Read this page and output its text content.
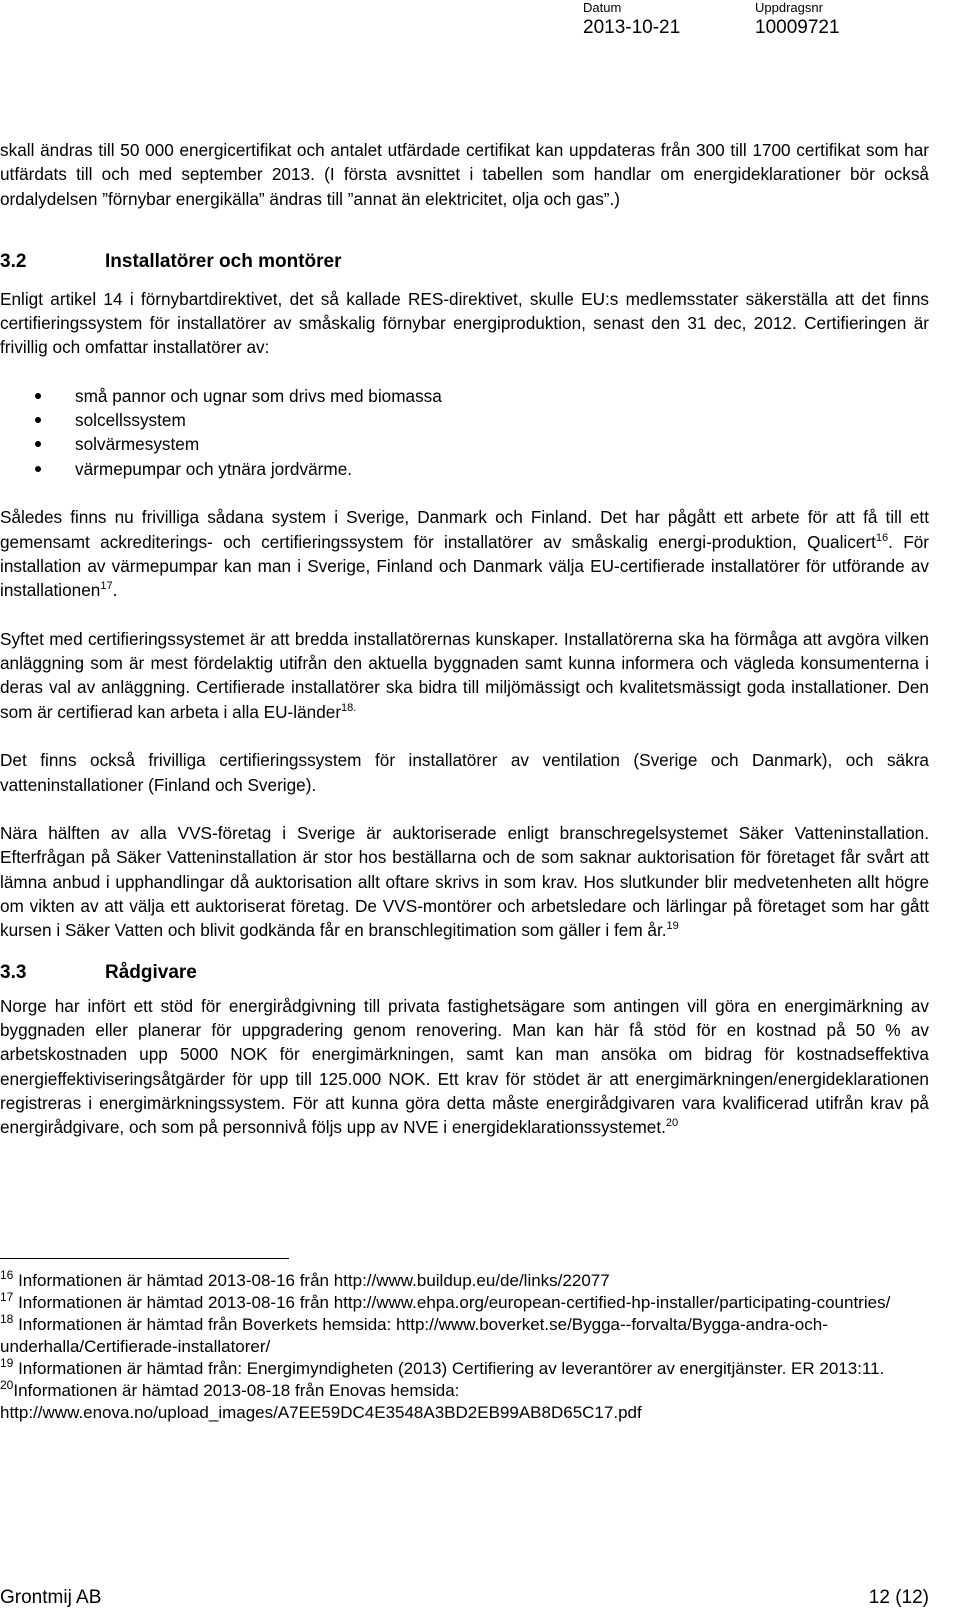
Datum
2013-10-21
Uppdragsnr
10009721

skall ändras till 50 000 energicertifikat och antalet utfärdade certifikat kan uppdateras från 300 till 1700 certifikat som har utfärdats till och med september 2013. (I första avsnittet i tabellen som handlar om energideklarationer bör också ordalydelsen ”förnybar energikälla” ändras till ”annat än elektricitet, olja och gas”.)

3.2	Installatörer och montörer

Enligt artikel 14 i förnybartdirektivet, det så kallade RES-direktivet, skulle EU:s medlemsstater säkerställa att det finns certifieringssystem för installatörer av småskalig förnybar energiproduktion, senast den 31 dec, 2012. Certifieringen är frivillig och omfattar installatörer av:

små pannor och ugnar som drivs med biomassa
solcellssystem
solvärmesystem
värmepumpar och ytnära jordvärme.

Således finns nu frivilliga sådana system i Sverige, Danmark och Finland. Det har pågått ett arbete för att få till ett gemensamt ackrediterings- och certifieringssystem för installatörer av småskalig energi-produktion, Qualicert$^{16}$. För installation av värmepumpar kan man i Sverige, Finland och Danmark välja EU-certifierade installatörer för utförande av installationen$^{17}$.

Syftet med certifieringssystemet är att bredda installatörernas kunskaper. Installatörerna ska ha förmåga att avgöra vilken anläggning som är mest fördelaktig utifrån den aktuella byggnaden samt kunna informera och vägleda konsumenterna i deras val av anläggning. Certifierade installatörer ska bidra till miljömässigt och kvalitetsmässigt goda installationer. Den som är certifierad kan arbeta i alla EU-länder$^{18.}$

Det finns också frivilliga certifieringssystem för installatörer av ventilation (Sverige och Danmark), och säkra vatteninstallationer (Finland och Sverige).

Nära hälften av alla VVS-företag i Sverige är auktoriserade enligt branschregelsystemet Säker Vatteninstallation. Efterfrågan på Säker Vatteninstallation är stor hos beställarna och de som saknar auktorisation för företaget får svårt att lämna anbud i upphandlingar då auktorisation allt oftare skrivs in som krav. Hos slutkunder blir medvetenheten allt högre om vikten av att välja ett auktoriserat företag. De VVS-montörer och arbetsledare och lärlingar på företaget som har gått kursen i Säker Vatten och blivit godkända får en branschlegitimation som gäller i fem år.$^{19}$

3.3	Rådgivare

Norge har infört ett stöd för energirådgivning till privata fastighetsägare som antingen vill göra en energimärkning av byggnaden eller planerar för uppgradering genom renovering. Man kan här få stöd för en kostnad på 50 % av arbetskostnaden upp 5000 NOK för energimärkningen, samt kan man ansöka om bidrag för kostnadseffektiva energieffektiviseringsåtgärder för upp till 125.000 NOK. Ett krav för stödet är att energimärkningen/energideklarationen registreras i energimärkningssystem. För att kunna göra detta måste energirådgivaren vara kvalificerad utifrån krav på energirådgivare, och som på personnivå följs upp av NVE i energideklarationssystemet.$^{20}$

$^{16}$ Informationen är hämtad 2013-08-16 från http://www.buildup.eu/de/links/22077

$^{17}$ Informationen är hämtad 2013-08-16 från http://www.ehpa.org/european-certified-hp-installer/participating-countries/

$^{18}$ Informationen är hämtad från Boverkets hemsida: http://www.boverket.se/Bygga--forvalta/Bygga-andra-och-underhalla/Certifierade-installatorer/

$^{19}$ Informationen är hämtad från: Energimyndigheten (2013) Certifiering av leverantörer av energitjänster. ER 2013:11.

$^{20}$Informationen är hämtad 2013-08-18 från Enovas hemsida: http://www.enova.no/upload_images/A7EE59DC4E3548A3BD2EB99AB8D65C17.pdf

Grontmij AB	12 (12)
